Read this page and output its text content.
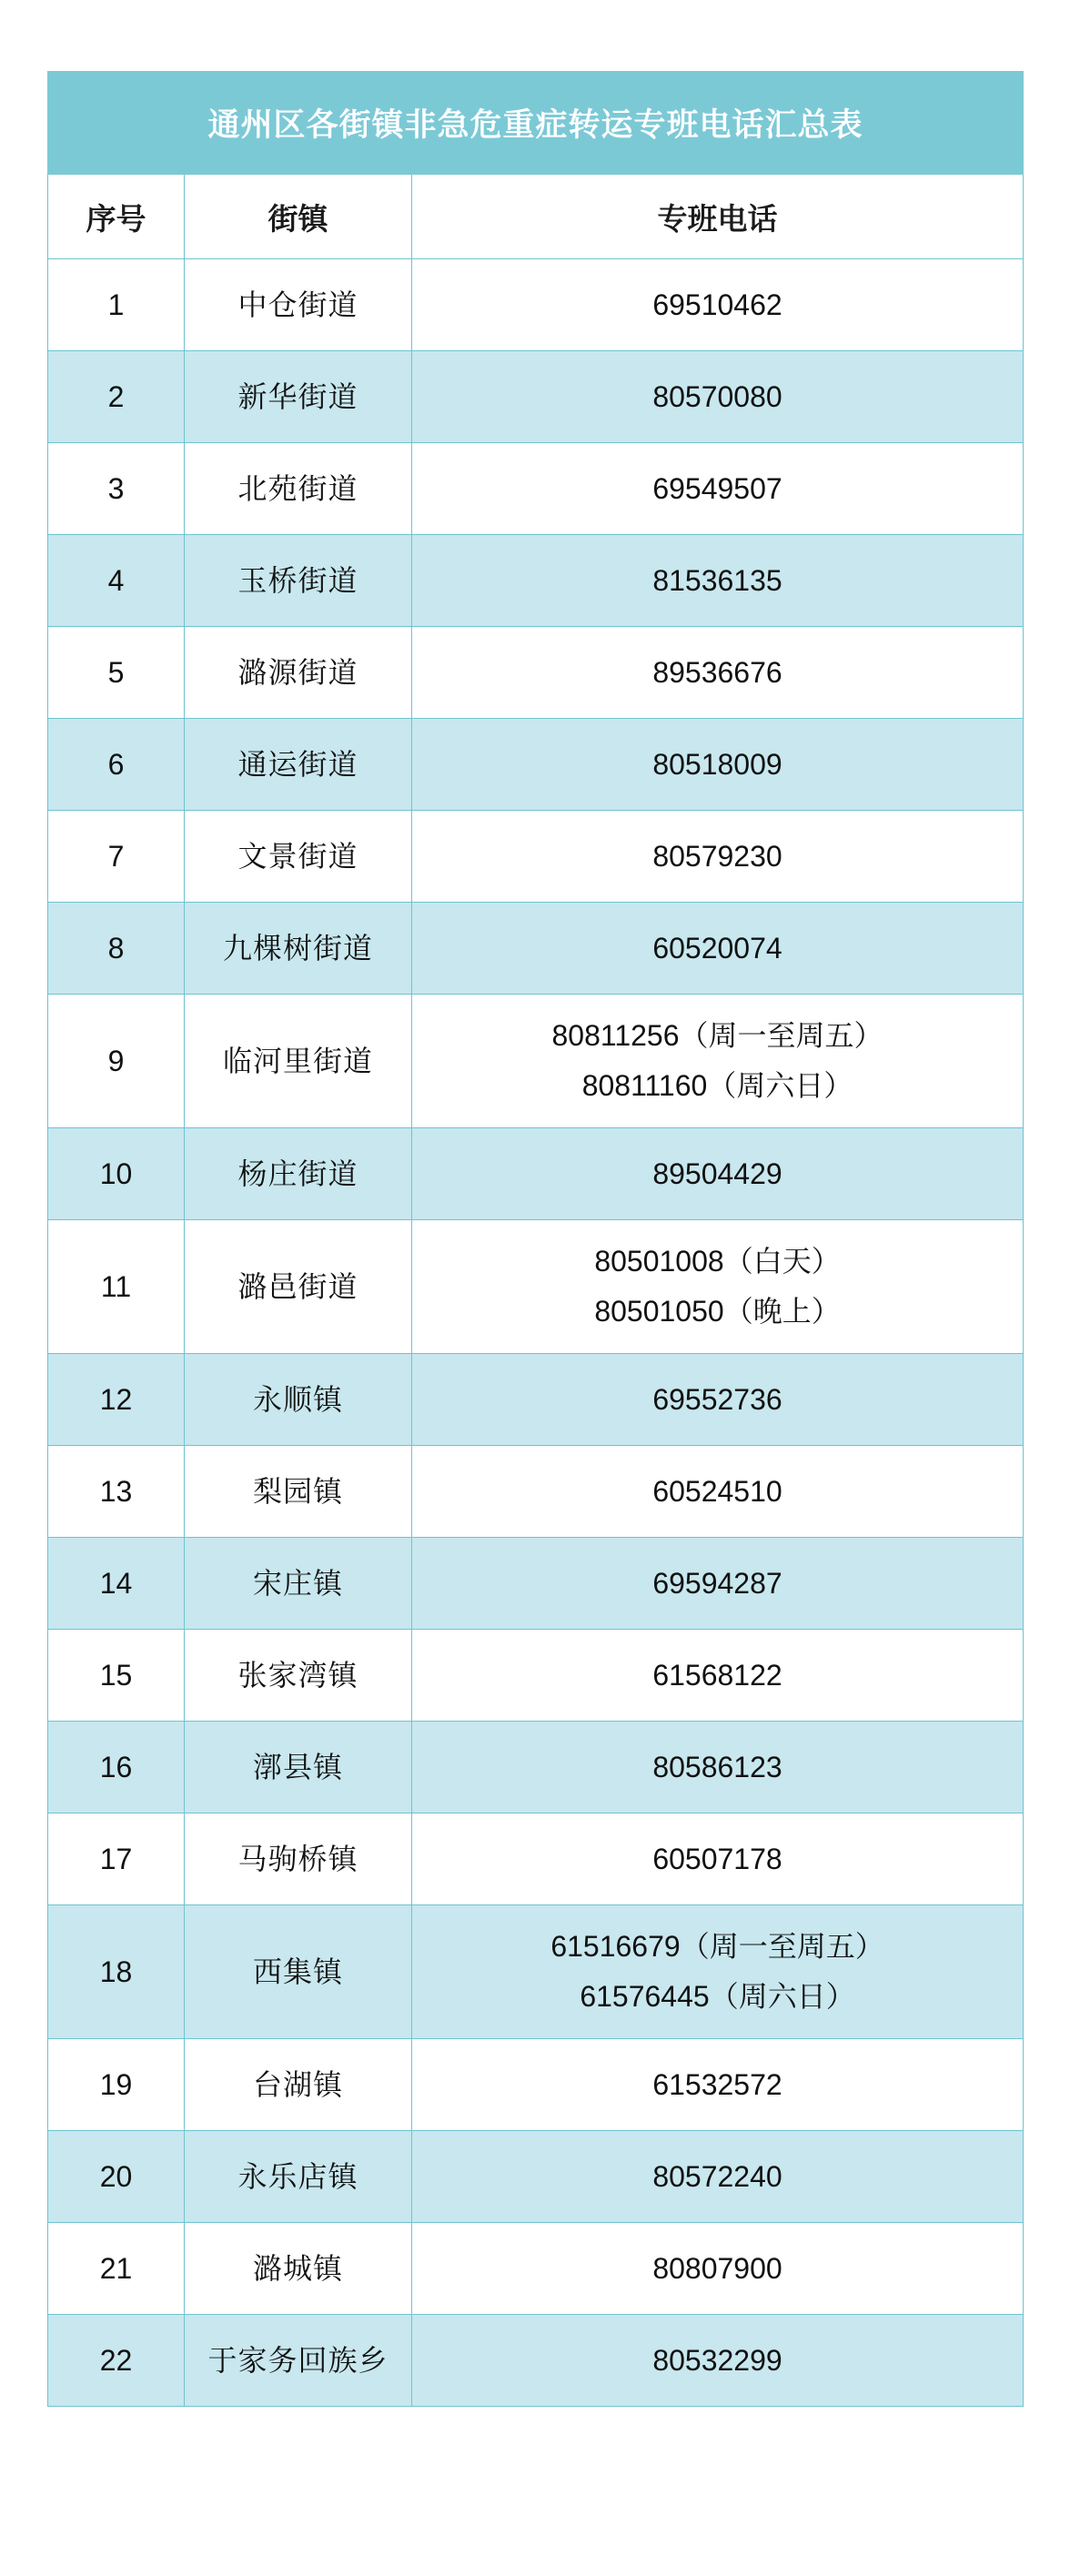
通州区各街镇非急危重症转运专班电话汇总表		
序号	街镇	专班电话
1	中仓街道	69510462
2	新华街道	80570080
3	北苑街道	69549507
4	玉桥街道	81536135
5	潞源街道	89536676
6	通运街道	80518009
7	文景街道	80579230
8	九棵树街道	60520074
9	临河里街道	80811256（周一至周五）
80811160（周六日）

10	杨庄街道	89504429
11	潞邑街道	80501008（白天）
80501050（晚上）

12	永顺镇	69552736
13	梨园镇	60524510
14	宋庄镇	69594287
15	张家湾镇	61568122
16	漷县镇	80586123
17	马驹桥镇	60507178
18	西集镇	61516679（周一至周五）
61576445（周六日）

19	台湖镇	61532572
20	永乐店镇	80572240
21	潞城镇	80807900
22	于家务回族乡	80532299
